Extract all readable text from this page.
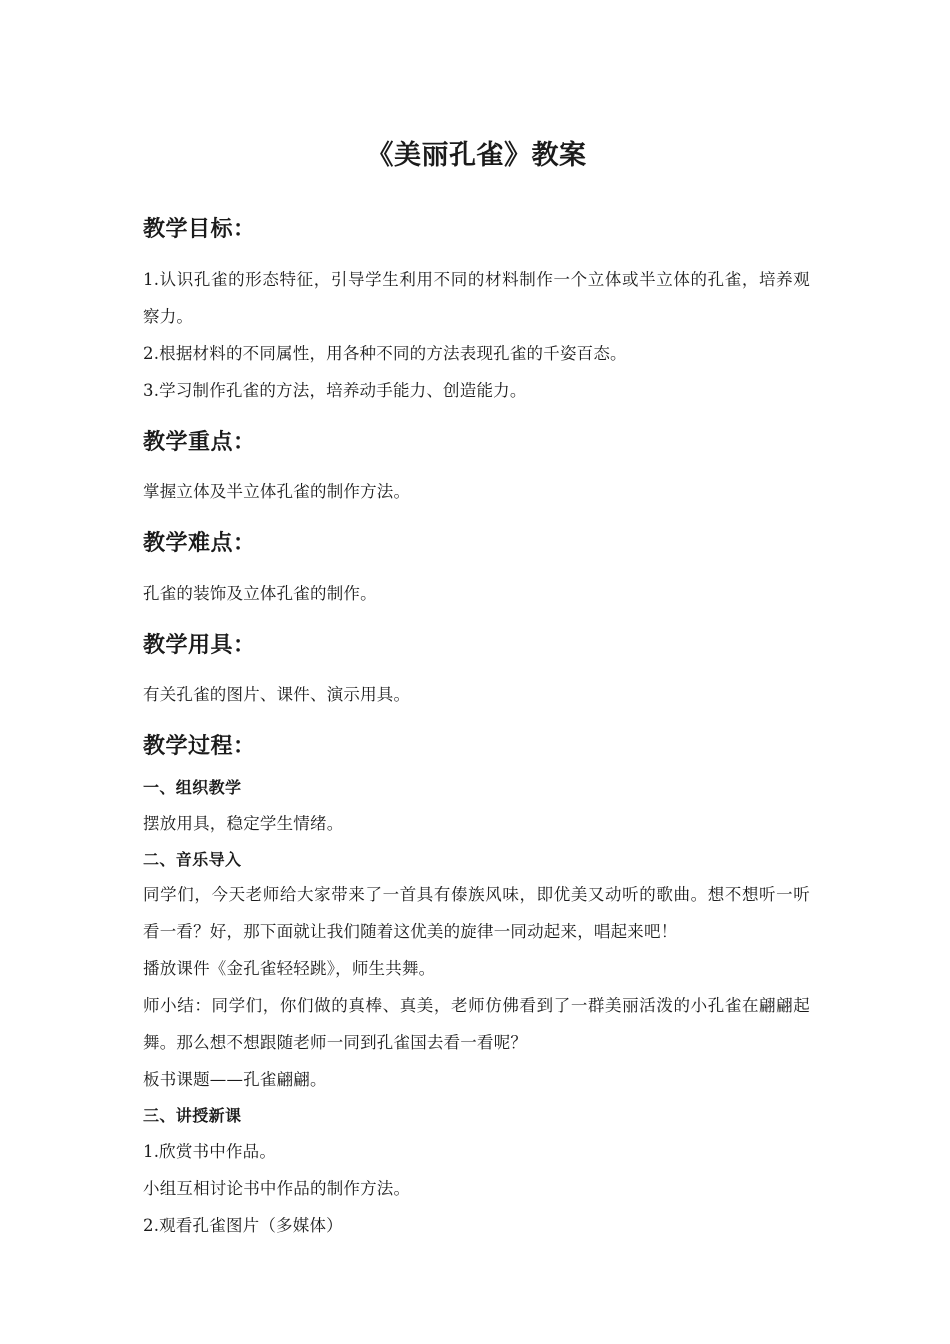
《美丽孔雀》教案
教学目标：

1.认识孔雀的形态特征，引导学生利用不同的材料制作一个立体或半立体的孔雀，培养观察力。

2.根据材料的不同属性，用各种不同的方法表现孔雀的千姿百态。

3.学习制作孔雀的方法，培养动手能力、创造能力。

教学重点：

掌握立体及半立体孔雀的制作方法。

教学难点：

孔雀的装饰及立体孔雀的制作。

教学用具：

有关孔雀的图片、课件、演示用具。

教学过程：
一、组织教学

摆放用具，稳定学生情绪。

二、音乐导入

同学们，今天老师给大家带来了一首具有傣族风味，即优美又动听的歌曲。想不想听一听看一看？好，那下面就让我们随着这优美的旋律一同动起来，唱起来吧！

播放课件《金孔雀轻轻跳》，师生共舞。

师小结：同学们，你们做的真棒、真美，老师仿佛看到了一群美丽活泼的小孔雀在翩翩起舞。那么想不想跟随老师一同到孔雀国去看一看呢？

板书课题——孔雀翩翩。

三、讲授新课

1.欣赏书中作品。

小组互相讨论书中作品的制作方法。

2.观看孔雀图片（多媒体）
